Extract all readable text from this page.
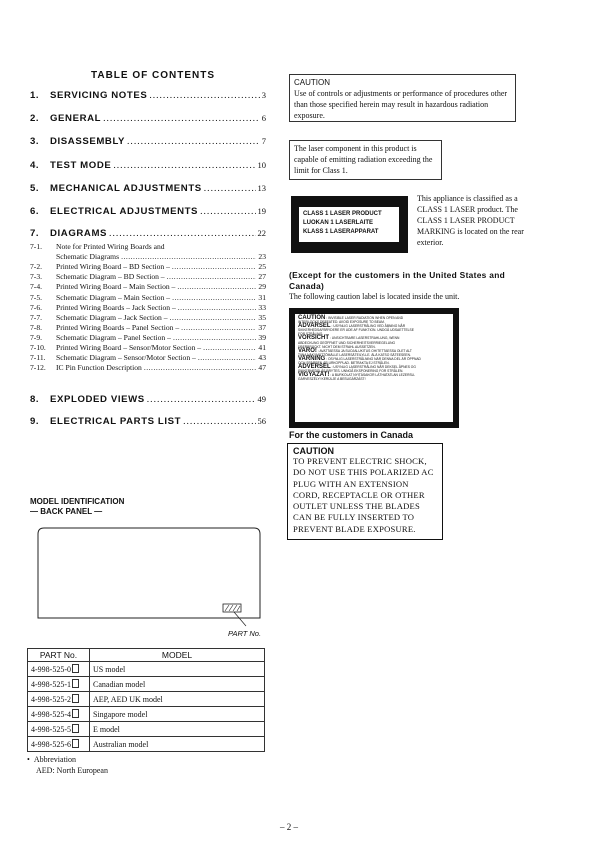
TABLE OF CONTENTS
1.	SERVICING NOTES .....	3
2.	GENERAL .....	6
3.	DISASSEMBLY .....	7
4.	TEST MODE .....	10
5.	MECHANICAL ADJUSTMENTS .....	13
6.	ELECTRICAL ADJUSTMENTS .....	19
7.	DIAGRAMS .....	22
8.	EXPLODED VIEWS .....	49
9.	ELECTRICAL PARTS LIST .....	56
7-1.	Note for Printed Wiring Boards and
Schematic Diagrams .....	23
7-2.	Printed Wiring Board – BD Section – .....	25
7-3.	Schematic Diagram – BD Section – .....	27
7-4.	Printed Wiring Board – Main Section – .....	29
7-5.	Schematic Diagram – Main Section – .....	31
7-6.	Printed Wiring Boards – Jack Section – .....	33
7-7.	Schematic Diagram – Jack Section – .....	35
7-8.	Printed Wiring Boards – Panel Section – .....	37
7-9.	Schematic Diagram – Panel Section – .....	39
7-10.	Printed Wiring Board – Sensor/Motor Section – .....	41
7-11.	Schematic Diagram – Sensor/Motor Section – .....	43
7-12.	IC Pin Function Description .....	47
CAUTION
Use of controls or adjustments or performance of procedures other than those specified herein may result in hazardous radiation exposure.
The laser component in this product is capable of emitting radiation exceeding the limit for Class 1.
CLASS 1 LASER PRODUCT
LUOKAN 1 LASERLAITE
KLASS 1 LASERAPPARAT
This appliance is classified as a CLASS 1 LASER product. The CLASS 1 LASER PRODUCT MARKING is located on the rear exterior.
(Except for the customers in the United States and Canada)
The following caution label is located inside the unit.
CAUTION : INVISIBLE LASER RADIATION WHEN OPEN AND
INTERLOCKS DEFEATED. AVOID EXPOSURE TO BEAM.
ADVARSEL : USYNLIG LASERSTRÅLING VED ÅBNING NÅR
SIKKERHEDSAFBRYDERE ER UDE AF FUNKTION. UNDGÅ UDSAETTELSE
FOR STRÅLING.
VORSICHT : UNSICHTBARE LASERSTRAHLUNG, WENN
ABDECKUNG GEÖFFNET UND SICHERHEITSVERRIEGELUNG
ÜBERBRÜCKT. NICHT DEM STRAHL AUSSETZEN.
VARO! : AVATTAESSA JA SUOJALUKITUS OHITETTAESSA OLET ALT
TIINA NÄKYMÄTTÖMÄLLE LASERSÄTEILYLLE. ÄLÄ KATSO SÄTEESEEN.
VARNING : OSYNLIG LASERSTRÅLNING NÄR DENNA DEL ÄR ÖPPNAD
OCH SPÄRREN ÄR URKOPPLAD. BETRAKTA EJ STRÅLEN.
ADVERSEL : USYNLIG LASERSTRÅLING NÅR DEKSEL ÅPNES OG
SIKKERHEDSLÅS BRYTES. UNNGÅ EKSPONERING FOR STRÅLEN.
VIGYAZAT! : A BURKOLAT NYITÁSAKOR LÁTHATATLAN LEZERSU-
GÁRVESZÉLY! KERÜLJE A BESUGÁRZÁST!
For the customers in Canada
CAUTION
TO PREVENT ELECTRIC SHOCK,
DO NOT USE THIS POLARIZED AC
PLUG WITH AN EXTENSION
CORD, RECEPTACLE OR OTHER
OUTLET UNLESS THE BLADES
CAN BE FULLY INSERTED TO
PREVENT BLADE EXPOSURE.
MODEL IDENTIFICATION
— BACK PANEL —
PART No.
PART No.	MODEL
4-998-525-0	US model
4-998-525-1	Canadian model
4-998-525-2	AEP, AED UK model
4-998-525-4	Singapore model
4-998-525-5	E model
4-998-525-6	Australian model
•  Abbreviation
AED: North European
– 2 –
